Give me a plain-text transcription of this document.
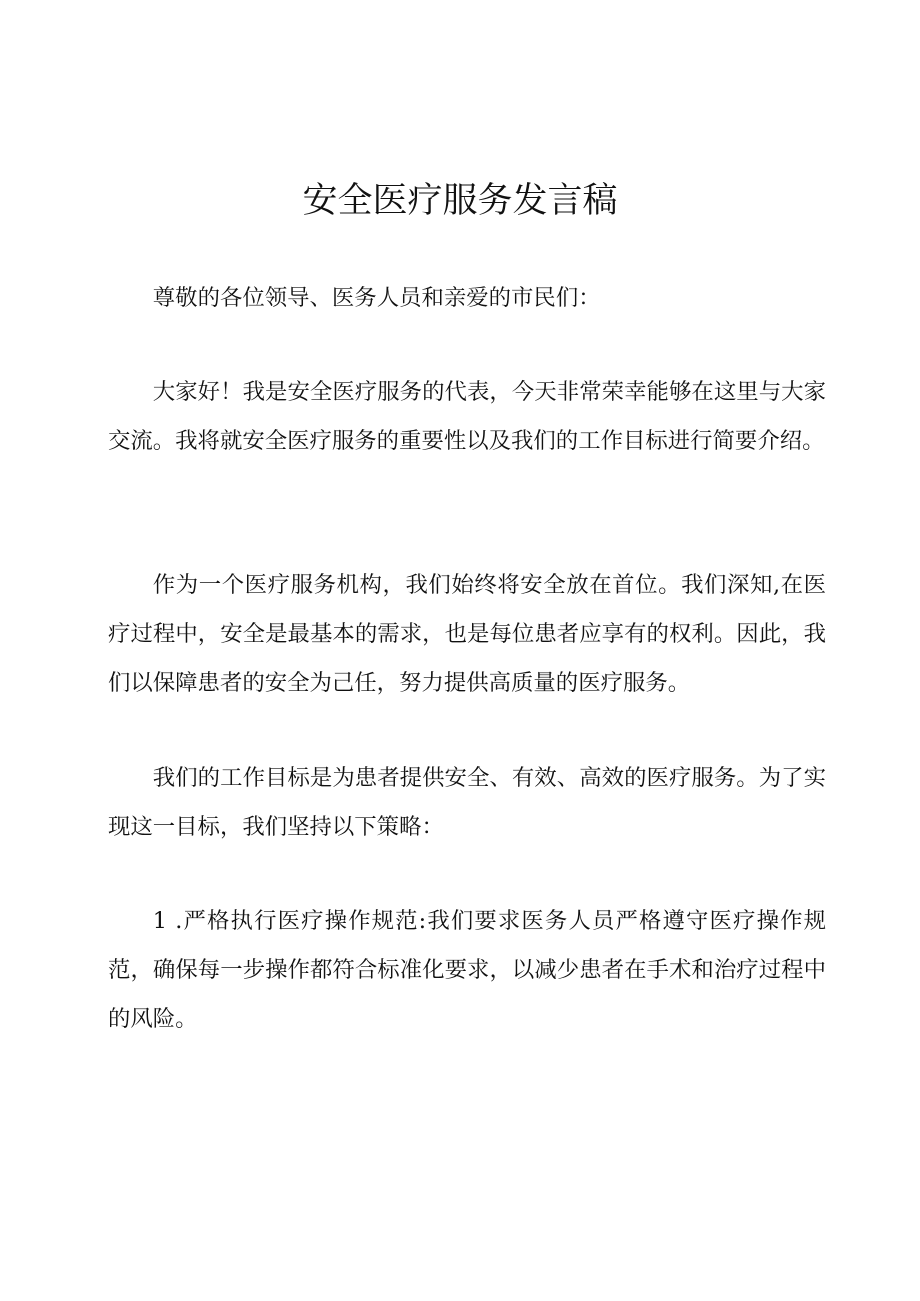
安全医疗服务发言稿

尊敬的各位领导、医务人员和亲爱的市民们：

大家好！我是安全医疗服务的代表，今天非常荣幸能够在这里与大家交流。我将就安全医疗服务的重要性以及我们的工作目标进行简要介绍。

作为一个医疗服务机构，我们始终将安全放在首位。我们深知,在医疗过程中，安全是最基本的需求，也是每位患者应享有的权利。因此，我们以保障患者的安全为己任，努力提供高质量的医疗服务。

我们的工作目标是为患者提供安全、有效、高效的医疗服务。为了实现这一目标，我们坚持以下策略：

1 .严格执行医疗操作规范:我们要求医务人员严格遵守医疗操作规范，确保每一步操作都符合标准化要求，以减少患者在手术和治疗过程中的风险。
